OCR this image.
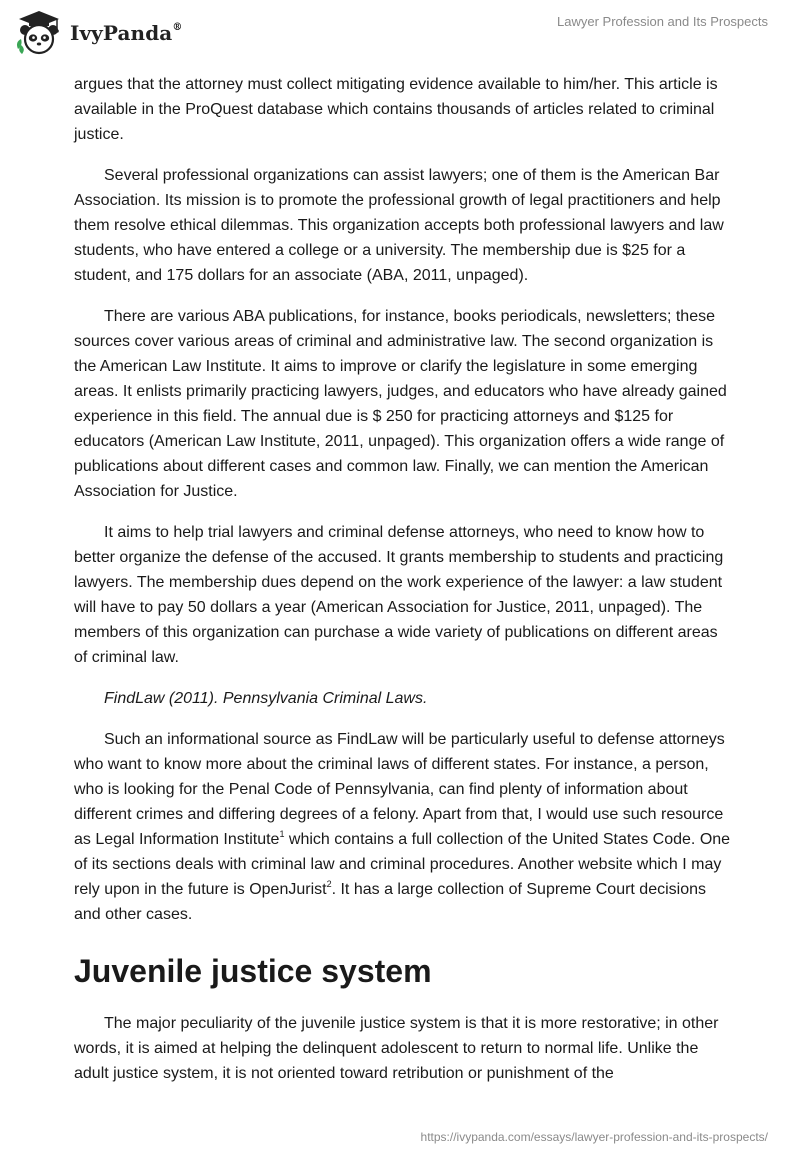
IvyPanda®	Lawyer Profession and Its Prospects

argues that the attorney must collect mitigating evidence available to him/her. This article is available in the ProQuest database which contains thousands of articles related to criminal justice.

Several professional organizations can assist lawyers; one of them is the American Bar Association. Its mission is to promote the professional growth of legal practitioners and help them resolve ethical dilemmas. This organization accepts both professional lawyers and law students, who have entered a college or a university. The membership due is $25 for a student, and 175 dollars for an associate (ABA, 2011, unpaged).

There are various ABA publications, for instance, books periodicals, newsletters; these sources cover various areas of criminal and administrative law. The second organization is the American Law Institute. It aims to improve or clarify the legislature in some emerging areas. It enlists primarily practicing lawyers, judges, and educators who have already gained experience in this field. The annual due is $ 250 for practicing attorneys and $125 for educators (American Law Institute, 2011, unpaged). This organization offers a wide range of publications about different cases and common law. Finally, we can mention the American Association for Justice.

It aims to help trial lawyers and criminal defense attorneys, who need to know how to better organize the defense of the accused. It grants membership to students and practicing lawyers. The membership dues depend on the work experience of the lawyer: a law student will have to pay 50 dollars a year (American Association for Justice, 2011, unpaged). The members of this organization can purchase a wide variety of publications on different areas of criminal law.

FindLaw (2011). Pennsylvania Criminal Laws.

Such an informational source as FindLaw will be particularly useful to defense attorneys who want to know more about the criminal laws of different states. For instance, a person, who is looking for the Penal Code of Pennsylvania, can find plenty of information about different crimes and differing degrees of a felony. Apart from that, I would use such resource as Legal Information Institute$^1$ which contains a full collection of the United States Code. One of its sections deals with criminal law and criminal procedures. Another website which I may rely upon in the future is OpenJurist$^2$. It has a large collection of Supreme Court decisions and other cases.

Juvenile justice system

The major peculiarity of the juvenile justice system is that it is more restorative; in other words, it is aimed at helping the delinquent adolescent to return to normal life. Unlike the adult justice system, it is not oriented toward retribution or punishment of the

https://ivypanda.com/essays/lawyer-profession-and-its-prospects/
